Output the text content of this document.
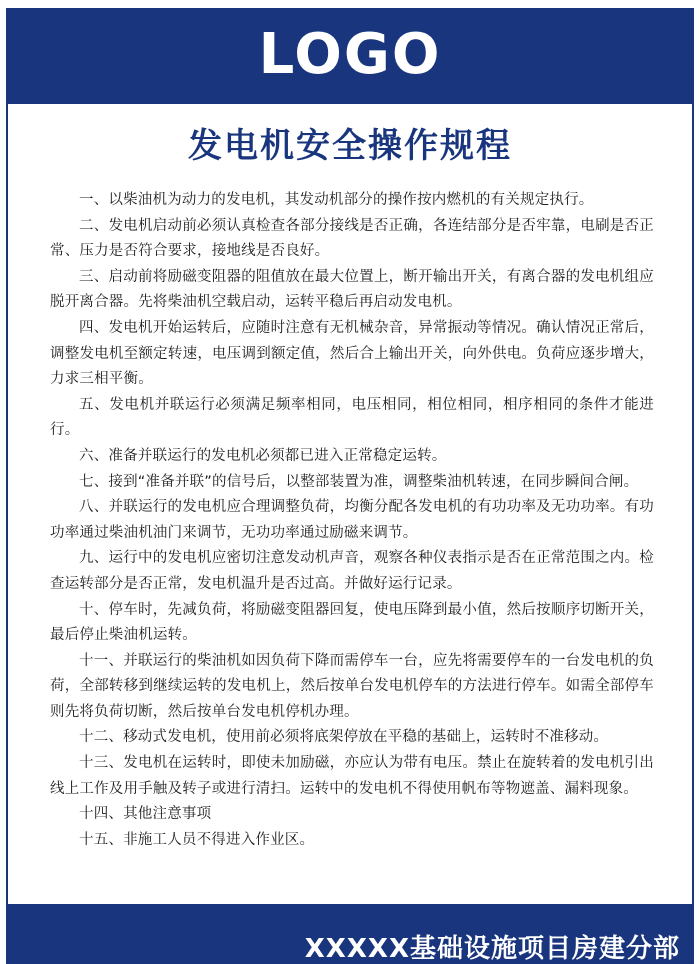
LOGO
发电机安全操作规程

一、以柴油机为动力的发电机，其发动机部分的操作按内燃机的有关规定执行。

二、发电机启动前必须认真检查各部分接线是否正确，各连结部分是否牢靠，电刷是否正常、压力是否符合要求，接地线是否良好。

三、启动前将励磁变阻器的阻值放在最大位置上，断开输出开关，有离合器的发电机组应脱开离合器。先将柴油机空载启动，运转平稳后再启动发电机。

四、发电机开始运转后，应随时注意有无机械杂音，异常振动等情况。确认情况正常后，调整发电机至额定转速，电压调到额定值，然后合上输出开关，向外供电。负荷应逐步增大，力求三相平衡。

五、发电机并联运行必须满足频率相同，电压相同，相位相同，相序相同的条件才能进行。

六、准备并联运行的发电机必须都已进入正常稳定运转。

七、接到“准备并联”的信号后，以整部装置为准，调整柴油机转速，在同步瞬间合闸。

八、并联运行的发电机应合理调整负荷，均衡分配各发电机的有功功率及无功功率。有功功率通过柴油机油门来调节，无功功率通过励磁来调节。

九、运行中的发电机应密切注意发动机声音，观察各种仪表指示是否在正常范围之内。检查运转部分是否正常，发电机温升是否过高。并做好运行记录。

十、停车时，先减负荷，将励磁变阻器回复，使电压降到最小值，然后按顺序切断开关，最后停止柴油机运转。

十一、并联运行的柴油机如因负荷下降而需停车一台，应先将需要停车的一台发电机的负荷，全部转移到继续运转的发电机上，然后按单台发电机停车的方法进行停车。如需全部停车则先将负荷切断，然后按单台发电机停机办理。

十二、移动式发电机，使用前必须将底架停放在平稳的基础上，运转时不准移动。

十三、发电机在运转时，即使未加励磁，亦应认为带有电压。禁止在旋转着的发电机引出线上工作及用手触及转子或进行清扫。运转中的发电机不得使用帆布等物遮盖、漏料现象。

十四、其他注意事项

十五、非施工人员不得进入作业区。

XXXXX基础设施项目房建分部
